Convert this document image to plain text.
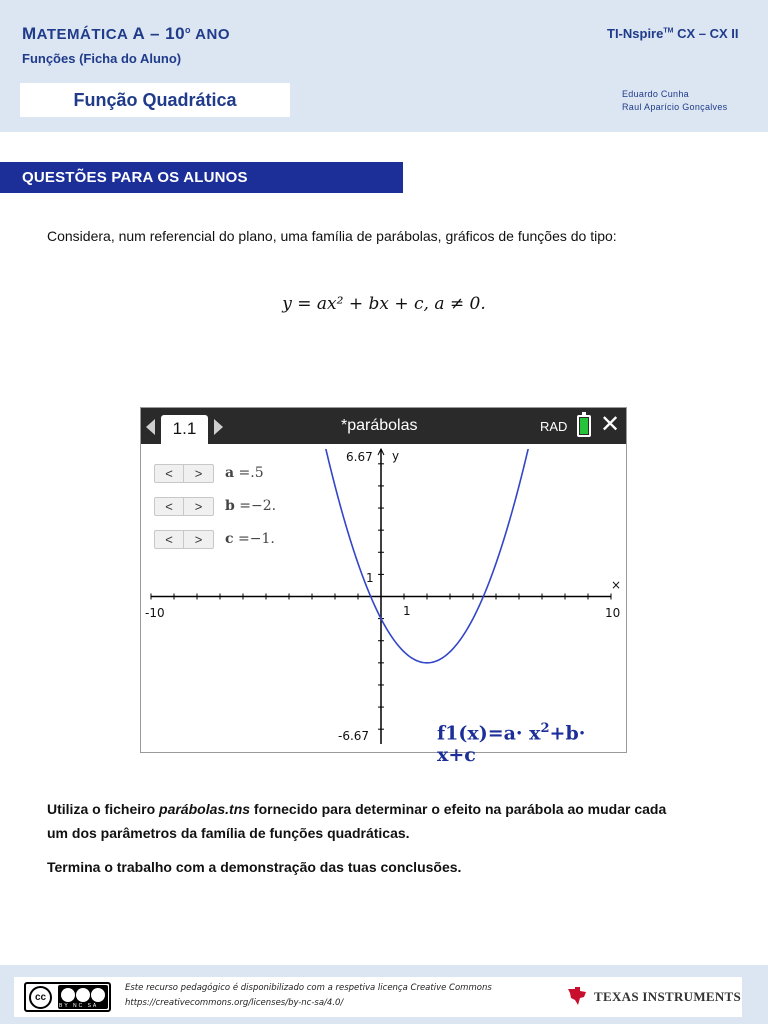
MATEMÁTICA A – 10$^o$ ANO
Funções (Ficha do Aluno)
Função Quadrática
TI-Nspire™ CX – CX II
Eduardo Cunha
Raul Aparício Gonçalves
QUESTÕES PARA OS ALUNOS
Considera, num referencial do plano, uma família de parábolas, gráficos de funções do tipo:
y = ax² + bx + c, a ≠ 0.
1.1	*parábolas	RAD ✕
<	>	a =.5
<	>	b =−2.
<	>	c =−1.
6.67 y
-6.67
-10	10
×
1
1
$f1(x)=a\cdot x^2+b\cdot x+c$
Utiliza o ficheiro parábolas.tns fornecido para determinar o efeito na parábola ao mudar cada
um dos parâmetros da família de funções quadráticas.
Termina o trabalho com a demonstração das tuas conclusões.
cc
BY NC SA
Este recurso pedagógico é disponibilizado com a respetiva licença Creative Commons
https://creativecommons.org/licenses/by-nc-sa/4.0/	TEXAS INSTRUMENTS
